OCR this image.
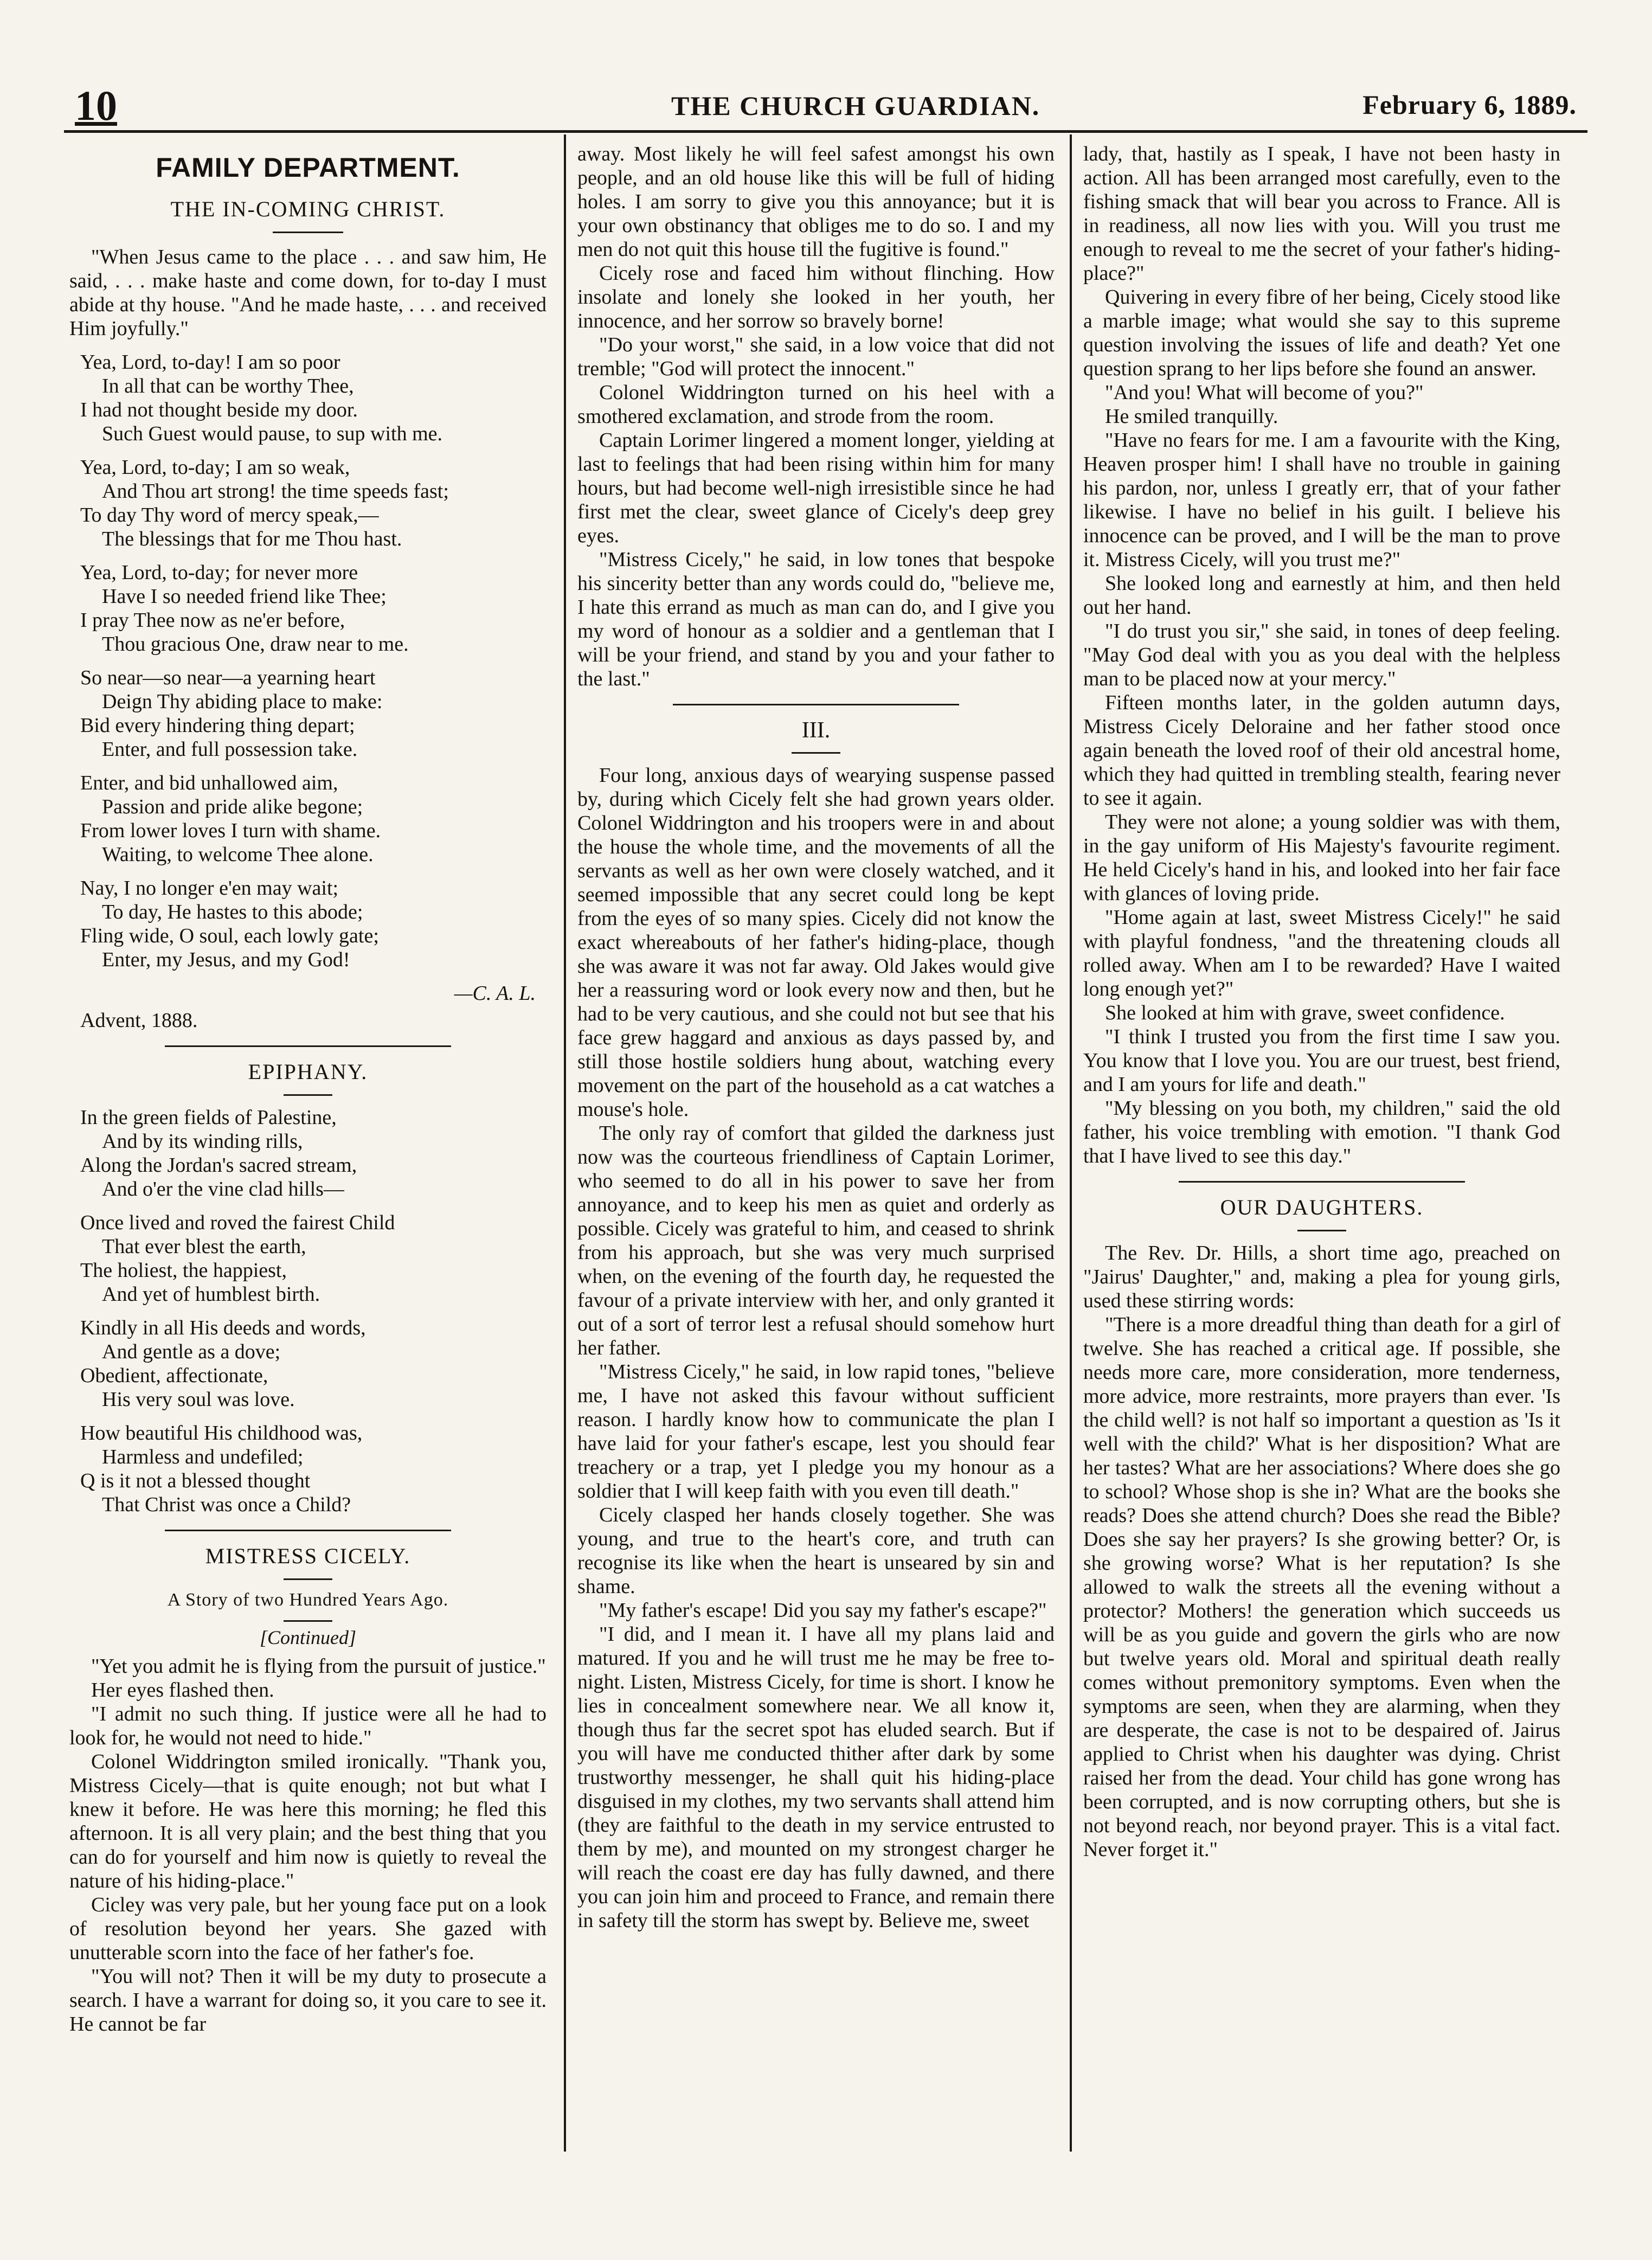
10	THE CHURCH GUARDIAN.	February 6, 1889.
FAMILY DEPARTMENT.
THE IN-COMING CHRIST.

"When Jesus came to the place . . . and saw him, He said, . . . make haste and come down, for to-day I must abide at thy house. "And he made haste, . . . and received Him joyfully."

Yea, Lord, to-day! I am so poor
In all that can be worthy Thee,
I had not thought beside my door.
Such Guest would pause, to sup with me.
Yea, Lord, to-day; I am so weak,
And Thou art strong! the time speeds fast;
To day Thy word of mercy speak,—
The blessings that for me Thou hast.
Yea, Lord, to-day; for never more
Have I so needed friend like Thee;
I pray Thee now as ne'er before,
Thou gracious One, draw near to me.
So near—so near—a yearning heart
Deign Thy abiding place to make:
Bid every hindering thing depart;
Enter, and full possession take.
Enter, and bid unhallowed aim,
Passion and pride alike begone;
From lower loves I turn with shame.
Waiting, to welcome Thee alone.
Nay, I no longer e'en may wait;
To day, He hastes to this abode;
Fling wide, O soul, each lowly gate;
Enter, my Jesus, and my God!
—C. A. L.
Advent, 1888.
EPIPHANY.
In the green fields of Palestine,
And by its winding rills,
Along the Jordan's sacred stream,
And o'er the vine clad hills—
Once lived and roved the fairest Child
That ever blest the earth,
The holiest, the happiest,
And yet of humblest birth.
Kindly in all His deeds and words,
And gentle as a dove;
Obedient, affectionate,
His very soul was love.
How beautiful His childhood was,
Harmless and undefiled;
Q is it not a blessed thought
That Christ was once a Child?
MISTRESS CICELY.
A Story of two Hundred Years Ago.
[Continued]

"Yet you admit he is flying from the pursuit of justice."

Her eyes flashed then.

"I admit no such thing. If justice were all he had to look for, he would not need to hide."

Colonel Widdrington smiled ironically. "Thank you, Mistress Cicely—that is quite enough; not but what I knew it before. He was here this morning; he fled this afternoon. It is all very plain; and the best thing that you can do for yourself and him now is quietly to reveal the nature of his hiding-place."

Cicley was very pale, but her young face put on a look of resolution beyond her years. She gazed with unutterable scorn into the face of her father's foe.

"You will not? Then it will be my duty to prosecute a search. I have a warrant for doing so, it you care to see it. He cannot be far

away. Most likely he will feel safest amongst his own people, and an old house like this will be full of hiding holes. I am sorry to give you this annoyance; but it is your own obstinancy that obliges me to do so. I and my men do not quit this house till the fugitive is found."

Cicely rose and faced him without flinching. How insolate and lonely she looked in her youth, her innocence, and her sorrow so bravely borne!

"Do your worst," she said, in a low voice that did not tremble; "God will protect the innocent."

Colonel Widdrington turned on his heel with a smothered exclamation, and strode from the room.

Captain Lorimer lingered a moment longer, yielding at last to feelings that had been rising within him for many hours, but had become well-nigh irresistible since he had first met the clear, sweet glance of Cicely's deep grey eyes.

"Mistress Cicely," he said, in low tones that bespoke his sincerity better than any words could do, "believe me, I hate this errand as much as man can do, and I give you my word of honour as a soldier and a gentleman that I will be your friend, and stand by you and your father to the last."

III.

Four long, anxious days of wearying suspense passed by, during which Cicely felt she had grown years older. Colonel Widdrington and his troopers were in and about the house the whole time, and the movements of all the servants as well as her own were closely watched, and it seemed impossible that any secret could long be kept from the eyes of so many spies. Cicely did not know the exact whereabouts of her father's hiding-place, though she was aware it was not far away. Old Jakes would give her a reassuring word or look every now and then, but he had to be very cautious, and she could not but see that his face grew haggard and anxious as days passed by, and still those hostile soldiers hung about, watching every movement on the part of the household as a cat watches a mouse's hole.

The only ray of comfort that gilded the darkness just now was the courteous friendliness of Captain Lorimer, who seemed to do all in his power to save her from annoyance, and to keep his men as quiet and orderly as possible. Cicely was grateful to him, and ceased to shrink from his approach, but she was very much surprised when, on the evening of the fourth day, he requested the favour of a private interview with her, and only granted it out of a sort of terror lest a refusal should somehow hurt her father.

"Mistress Cicely," he said, in low rapid tones, "believe me, I have not asked this favour without sufficient reason. I hardly know how to communicate the plan I have laid for your father's escape, lest you should fear treachery or a trap, yet I pledge you my honour as a soldier that I will keep faith with you even till death."

Cicely clasped her hands closely together. She was young, and true to the heart's core, and truth can recognise its like when the heart is unseared by sin and shame.

"My father's escape! Did you say my father's escape?"

"I did, and I mean it. I have all my plans laid and matured. If you and he will trust me he may be free to-night. Listen, Mistress Cicely, for time is short. I know he lies in concealment somewhere near. We all know it, though thus far the secret spot has eluded search. But if you will have me conducted thither after dark by some trustworthy messenger, he shall quit his hiding-place disguised in my clothes, my two servants shall attend him (they are faithful to the death in my service entrusted to them by me), and mounted on my strongest charger he will reach the coast ere day has fully dawned, and there you can join him and proceed to France, and remain there in safety till the storm has swept by. Believe me, sweet

lady, that, hastily as I speak, I have not been hasty in action. All has been arranged most carefully, even to the fishing smack that will bear you across to France. All is in readiness, all now lies with you. Will you trust me enough to reveal to me the secret of your father's hiding-place?"

Quivering in every fibre of her being, Cicely stood like a marble image; what would she say to this supreme question involving the issues of life and death? Yet one question sprang to her lips before she found an answer.

"And you! What will become of you?"

He smiled tranquilly.

"Have no fears for me. I am a favourite with the King, Heaven prosper him! I shall have no trouble in gaining his pardon, nor, unless I greatly err, that of your father likewise. I have no belief in his guilt. I believe his innocence can be proved, and I will be the man to prove it. Mistress Cicely, will you trust me?"

She looked long and earnestly at him, and then held out her hand.

"I do trust you sir," she said, in tones of deep feeling. "May God deal with you as you deal with the helpless man to be placed now at your mercy."

Fifteen months later, in the golden autumn days, Mistress Cicely Deloraine and her father stood once again beneath the loved roof of their old ancestral home, which they had quitted in trembling stealth, fearing never to see it again.

They were not alone; a young soldier was with them, in the gay uniform of His Majesty's favourite regiment. He held Cicely's hand in his, and looked into her fair face with glances of loving pride.

"Home again at last, sweet Mistress Cicely!" he said with playful fondness, "and the threatening clouds all rolled away. When am I to be rewarded? Have I waited long enough yet?"

She looked at him with grave, sweet confidence.

"I think I trusted you from the first time I saw you. You know that I love you. You are our truest, best friend, and I am yours for life and death."

"My blessing on you both, my children," said the old father, his voice trembling with emotion. "I thank God that I have lived to see this day."

OUR DAUGHTERS.

The Rev. Dr. Hills, a short time ago, preached on "Jairus' Daughter," and, making a plea for young girls, used these stirring words:

"There is a more dreadful thing than death for a girl of twelve. She has reached a critical age. If possible, she needs more care, more consideration, more tenderness, more advice, more restraints, more prayers than ever. 'Is the child well? is not half so important a question as 'Is it well with the child?' What is her disposition? What are her tastes? What are her associations? Where does she go to school? Whose shop is she in? What are the books she reads? Does she attend church? Does she read the Bible? Does she say her prayers? Is she growing better? Or, is she growing worse? What is her reputation? Is she allowed to walk the streets all the evening without a protector? Mothers! the generation which succeeds us will be as you guide and govern the girls who are now but twelve years old. Moral and spiritual death really comes without premonitory symptoms. Even when the symptoms are seen, when they are alarming, when they are desperate, the case is not to be despaired of. Jairus applied to Christ when his daughter was dying. Christ raised her from the dead. Your child has gone wrong has been corrupted, and is now corrupting others, but she is not beyond reach, nor beyond prayer. This is a vital fact. Never forget it."
